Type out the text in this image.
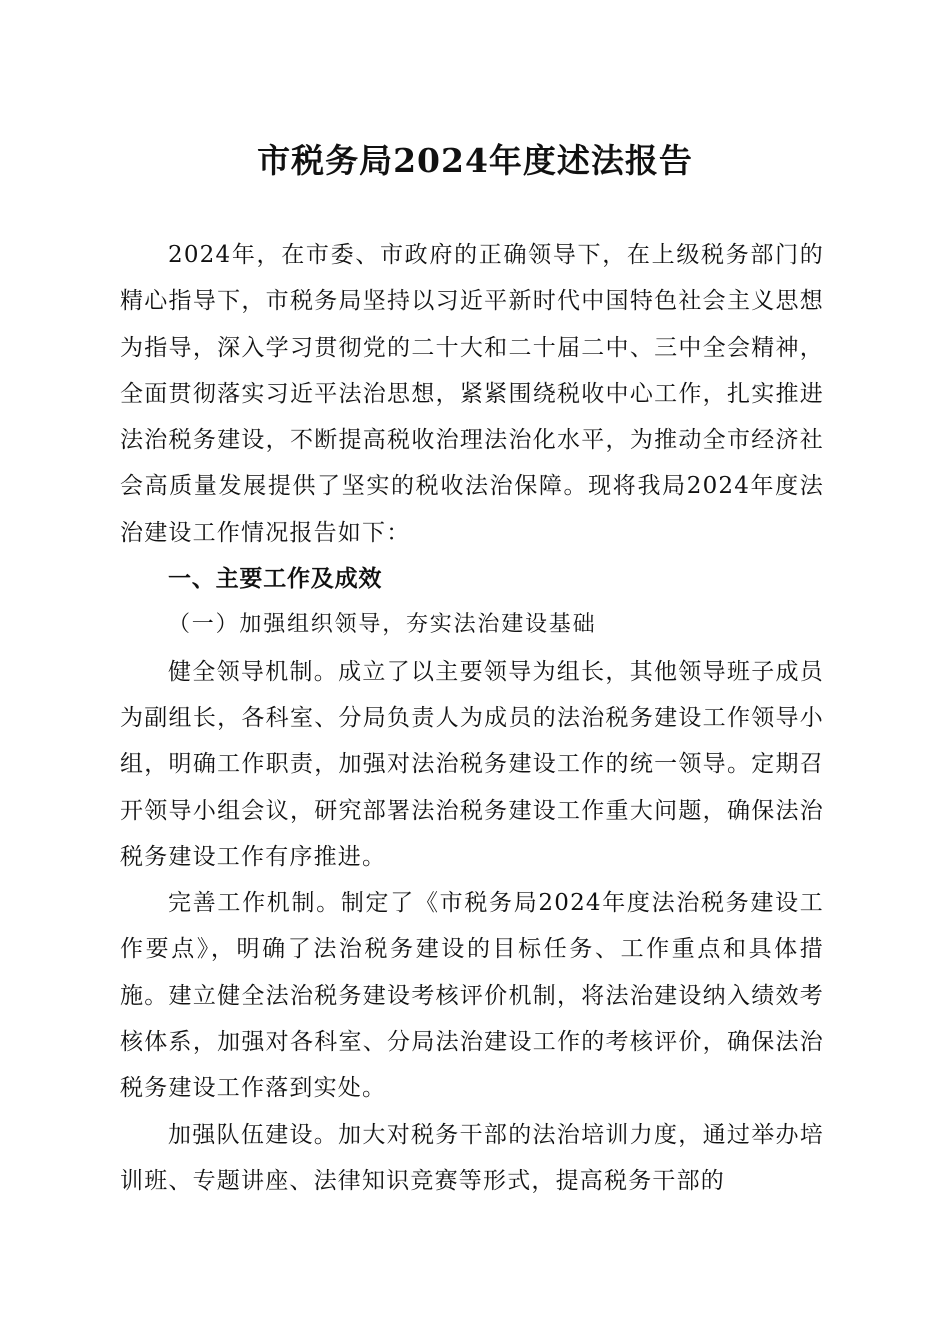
市税务局2024年度述法报告

2024年，在市委、市政府的正确领导下，在上级税务部门的精心指导下，市税务局坚持以习近平新时代中国特色社会主义思想为指导，深入学习贯彻党的二十大和二十届二中、三中全会精神，全面贯彻落实习近平法治思想，紧紧围绕税收中心工作，扎实推进法治税务建设，不断提高税收治理法治化水平，为推动全市经济社会高质量发展提供了坚实的税收法治保障。现将我局2024年度法治建设工作情况报告如下：

一、主要工作及成效

（一）加强组织领导，夯实法治建设基础

健全领导机制。成立了以主要领导为组长，其他领导班子成员为副组长，各科室、分局负责人为成员的法治税务建设工作领导小组，明确工作职责，加强对法治税务建设工作的统一领导。定期召开领导小组会议，研究部署法治税务建设工作重大问题，确保法治税务建设工作有序推进。

完善工作机制。制定了《市税务局2024年度法治税务建设工作要点》，明确了法治税务建设的目标任务、工作重点和具体措施。建立健全法治税务建设考核评价机制，将法治建设纳入绩效考核体系，加强对各科室、分局法治建设工作的考核评价，确保法治税务建设工作落到实处。

加强队伍建设。加大对税务干部的法治培训力度，通过举办培训班、专题讲座、法律知识竞赛等形式，提高税务干部的
